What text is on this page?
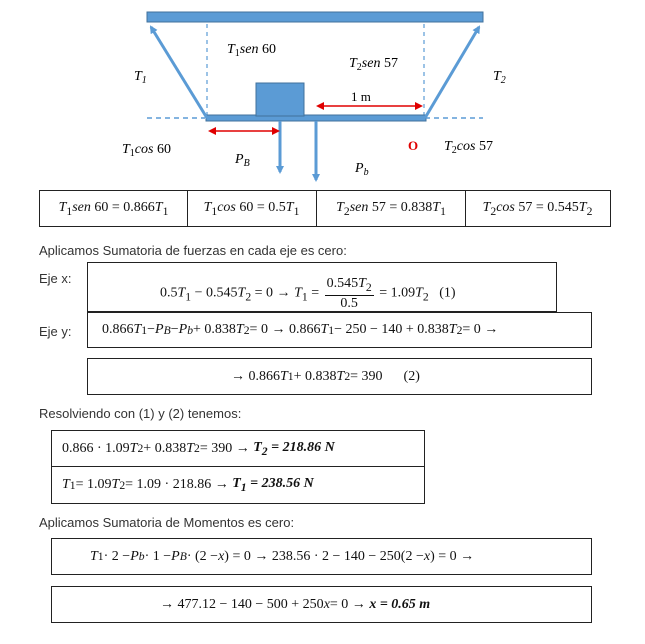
$T_1$	$T_2$
$T_1sen$ 60
$T_2sen$ 57
$T_1\cos$ 60	$T_2\cos$ 57
1 m
$P_B$	$P_b$
O
$T_1sen$ $60 = 0.866T_1$	$T_1\cos$ $60 = 0.5T_1$	$T_2sen$ $57 = 0.838T_1$	$T_2\cos$ $57 = 0.545T_2$
Aplicamos Sumatoria de fuerzas en cada eje es cero:
Eje x:
$0.5T_1 - 0.545T_2 = 0 \to T_1 = \frac{0.545T_2}{0.5} = 1.09T_2$   (1)
Eje y:	0.866 T 1 − P B − P b + 0.838 T 2 = 0 → 0.866 T 1 − 250 − 140 + 0.838 T 2 = 0 →
→ 0.866 T 1 + 0.838 T 2 = 390      (2)
Resolviendo con (1) y (2) tenemos:
0.866 · 1.09 T 2 + 0.838 T $2 = 390 \to T_2 = 218.86$ N
T 1 = 1.09 T $2 = 1.09 \cdot 218.86 \to T_1 = 238.56$ N
Aplicamos Sumatoria de Momentos es cero:
T 1 · 2 − P b · 1 − P B · (2 − x ) = 0 → 238.56 · 2 − 140 − 250(2 − x ) = 0 →
→ 477.12 − 140 − 500 + 250 x = 0 → x = 0.65 m
